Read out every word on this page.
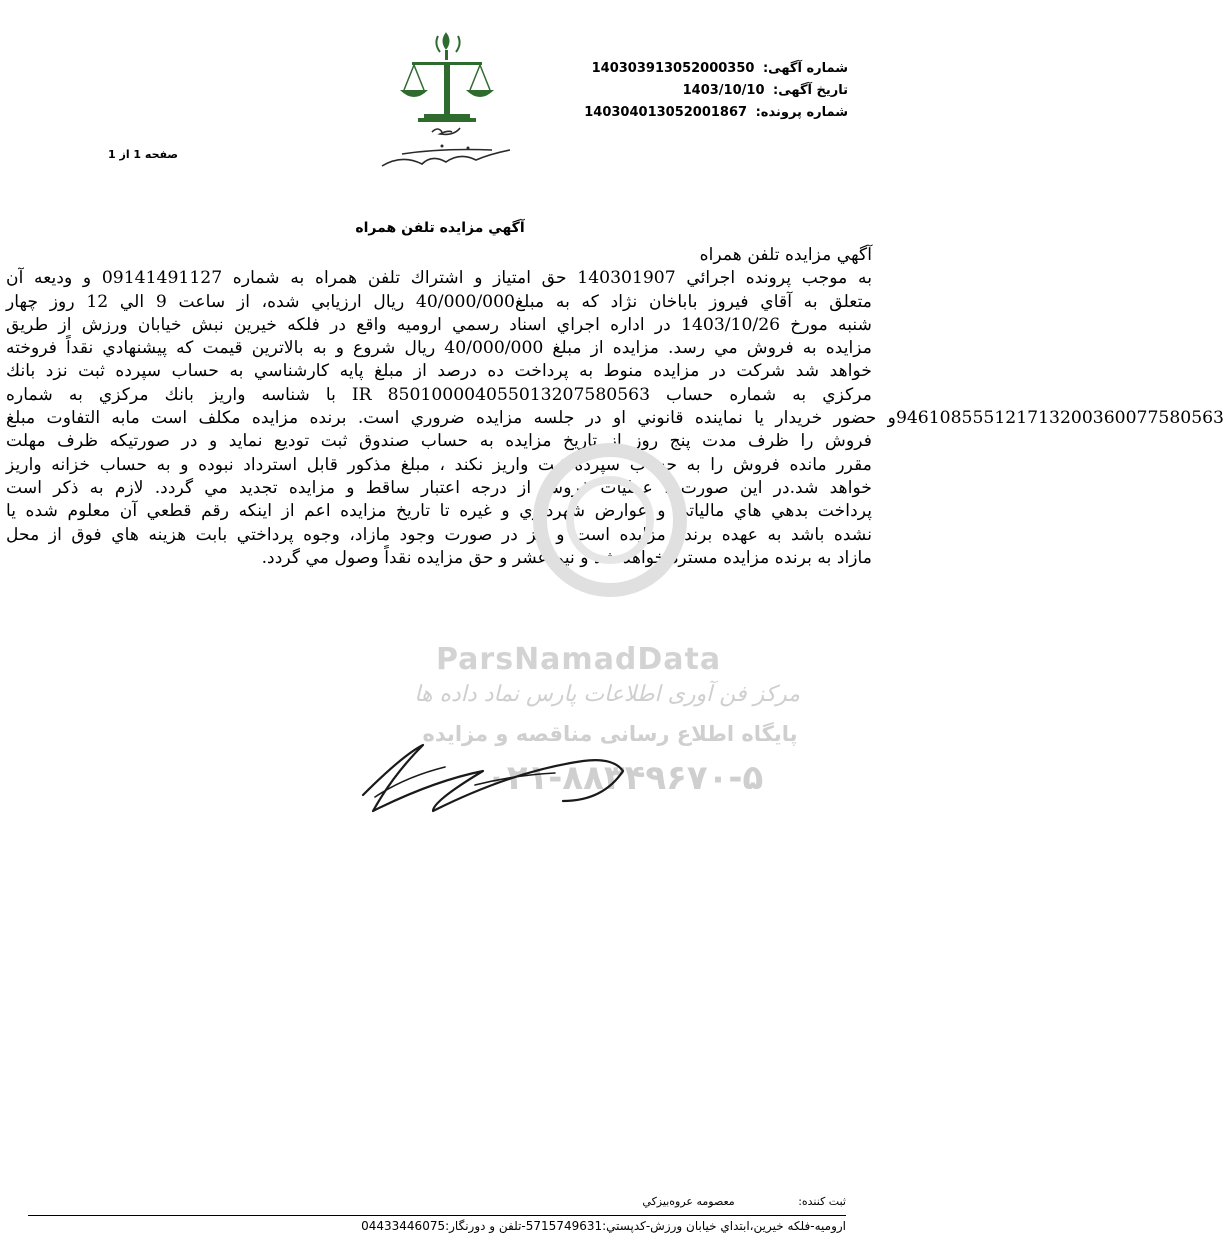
شماره آگهی: 140303913052000350
تاریخ آگهی: 1403/10/10
شماره پرونده: 140304013052001867
صفحه 1 از 1
آگهي مزايده تلفن همراه
آگهي مزايده تلفن همراه
به موجب پرونده اجرائي 140301907 حق امتياز و اشتراك تلفن همراه به شماره 09141491127 و وديعه آن
متعلق به آقاي فيروز باباخان نژاد كه به مبلغ40/000/000 ريال ارزيابي شده، از ساعت 9 الي 12 روز چهار
شنبه مورخ 1403/10/26 در اداره اجراي اسناد رسمي اروميه واقع در فلكه خيرين نبش خيابان ورزش از طريق
مزايده به فروش مي رسد. مزايده از مبلغ 40/000/000 ريال شروع و به بالاترين قيمت كه پيشنهادي نقداً فروخته
خواهد شد شركت در مزايده منوط به پرداخت ده درصد از مبلغ پايه كارشناسي به حساب سپرده ثبت نزد بانك
مركزي به شماره حساب IR 850100004055013207580563 با شناسه واريز بانك مركزي به شماره
946108555121713200360077580563و حضور خريدار يا نماينده قانوني او در جلسه مزايده ضروري است. برنده مزايده مكلف است مابه التفاوت مبلغ
فروش را ظرف مدت پنج روز از تاريخ مزايده به حساب صندوق ثبت توديع نمايد و در صورتيكه ظرف مهلت
مقرر مانده فروش را به حساب سپرده ثبت واريز نكند ، مبلغ مذكور قابل استرداد نبوده و به حساب خزانه واريز
خواهد شد.در اين صورت ، عمليات فروش از درجه اعتبار ساقط و مزايده تجديد مي گردد. لازم به ذكر است
پرداخت بدهي هاي مالياتي و عوارض شهرداري و غيره تا تاريخ مزايده اعم از اينكه رقم قطعي آن معلوم شده يا
نشده باشد به عهده برنده مزايده است و نيز در صورت وجود مازاد، وجوه پرداختي بابت هزينه هاي فوق از محل
مازاد به برنده مزايده مسترد خواهد شد و نيم عشر و حق مزايده نقداً وصول مي گردد.
ParsNamadData
مرکز فن آوری اطلاعات پارس نماد داده ها
پایگاه اطلاع رسانی مناقصه و مزایده
۰۲۱-۸۸۳۴۹۶۷۰-۵
ثبت كننده: معصومه عروه‌بيزكي
اروميه-فلكه خيرين،ابتداي خيابان ورزش-كدپستي:5715749631-تلفن و دورنگار:04433446075
